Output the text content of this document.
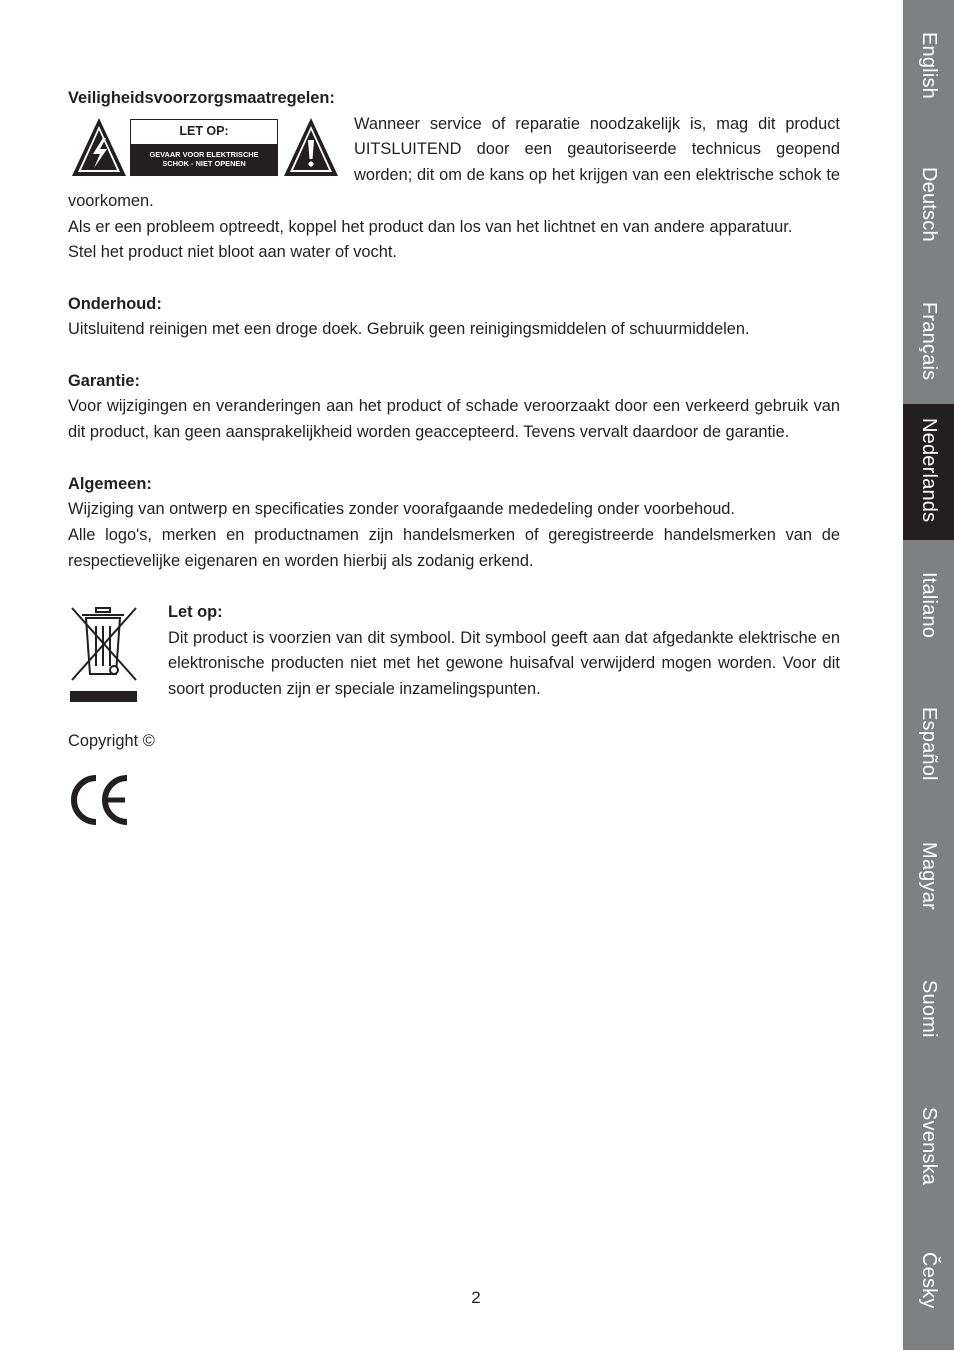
Veiligheidsvoorzorgsmaatregelen:

LET OP:
GEVAAR VOOR ELEKTRISCHE
SCHOK - NIET OPENEN

Wanneer service of reparatie noodzakelijk is, mag dit product UITSLUITEND door een geautoriseerde technicus geopend worden; dit om de kans op het krijgen van een elektrische schok te voorkomen.

Als er een probleem optreedt, koppel het product dan los van het lichtnet en van andere apparatuur.

Stel het product niet bloot aan water of vocht.

Onderhoud:

Uitsluitend reinigen met een droge doek. Gebruik geen reinigingsmiddelen of schuurmiddelen.

Garantie:

Voor wijzigingen en veranderingen aan het product of schade veroorzaakt door een verkeerd gebruik van dit product, kan geen aansprakelijkheid worden geaccepteerd. Tevens vervalt daardoor de garantie.

Algemeen:

Wijziging van ontwerp en specificaties zonder voorafgaande mededeling onder voorbehoud.

Alle logo's, merken en productnamen zijn handelsmerken of geregistreerde handelsmerken van de respectievelijke eigenaren en worden hierbij als zodanig erkend.

Let op:

Dit product is voorzien van dit symbool. Dit symbool geeft aan dat afgedankte elektrische en elektronische producten niet met het gewone huisafval verwijderd mogen worden. Voor dit soort producten zijn er speciale inzamelingspunten.

Copyright ©

2
English
Deutsch
Français
Nederlands
Italiano
Español
Magyar
Suomi
Svenska
Česky
